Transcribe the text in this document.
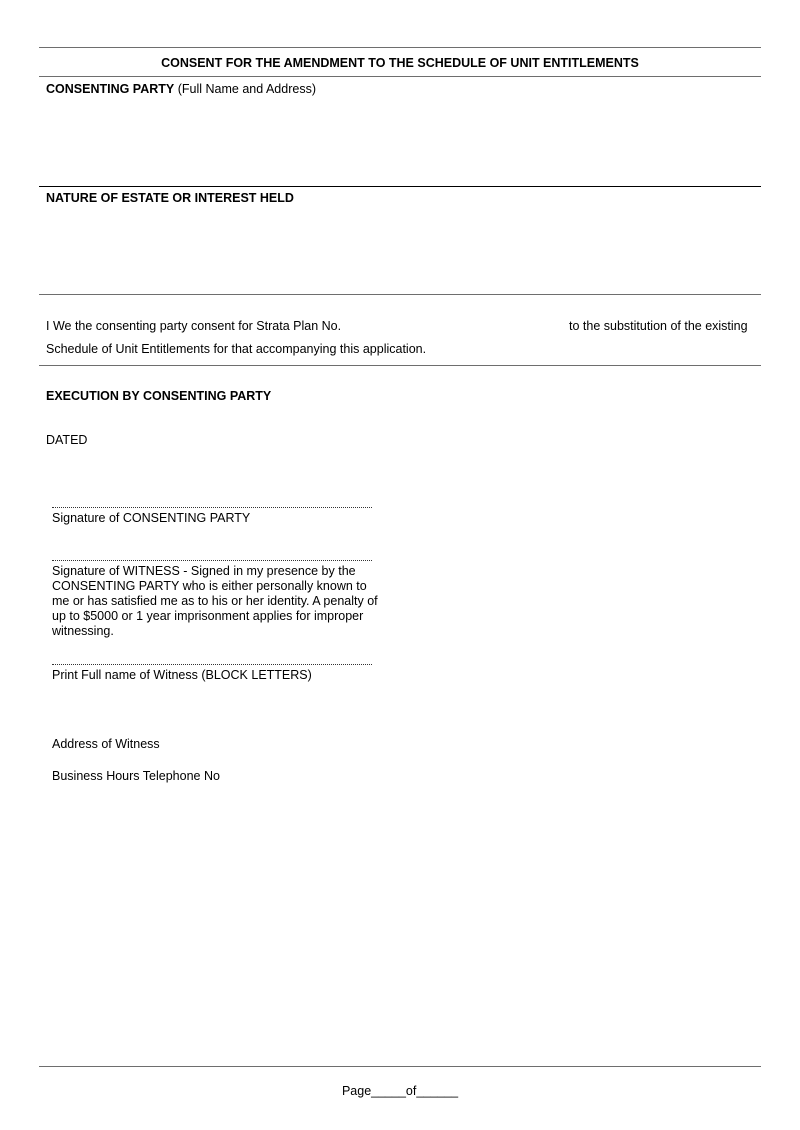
CONSENT FOR THE AMENDMENT TO THE SCHEDULE OF UNIT ENTITLEMENTS
CONSENTING PARTY (Full Name and Address)
NATURE OF ESTATE OR INTEREST HELD
I We the consenting party consent for Strata Plan No.	to the substitution of the existing
Schedule of Unit Entitlements for that accompanying this application.
EXECUTION BY CONSENTING PARTY
DATED
Signature of CONSENTING PARTY
Signature of WITNESS - Signed in my presence by the CONSENTING PARTY who is either personally known to me or has satisfied me as to his or her identity. A penalty of up to $5000 or 1 year imprisonment applies for improper witnessing.
Print Full name of Witness (BLOCK LETTERS)
Address of Witness
Business Hours Telephone No
Page_____of______
